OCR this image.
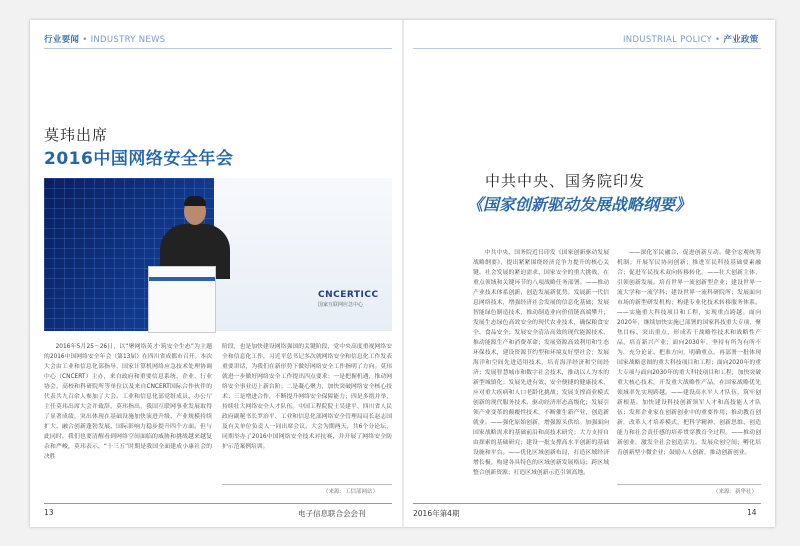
行业要闻 • INDUSTRY NEWS
莫玮出席
2016中国网络安全年会
CNCERTICC
国家互联网应急中心

2016年5月25－26日，以“聚网络英才·筑安全生态”为主题的2016中国网络安全年会（第13届）在四川省成都市召开。本次大会由工业和信息化部指导，国家计算机网络应急技术处理协调中心（CNCERT）主办，来自政府和重要信息系统、企业、行业协会、高校和科研院所等单位以及来自CNCERT国际合作伙伴的代表共九百余人参加了大会。工业和信息化部党组成员、办公厅主任莫玮出席大会并致辞。莫玮指出，我国互联网事业发展取得了显著成绩，突出体现在基础设施加快演进升级、产业规模持续扩大、融合创新蓬勃发展、国际影响力稳步提升四个方面。但与此同时，我们也要清醒看到网络空间面临的威胁和挑战越来越复杂和严峻，莫玮表示，“十三五”时期是我国全面建成小康社会的决胜

阶段，也是加快建设网络强国的关键阶段，党中央高度重视网络安全和信息化工作，习近平总书记多次就网络安全和信息化工作发表重要讲话，为我们在新形势下做好网络安全工作指明了方向。莫玮就进一步做好网络安全工作提出四点要求：一是把握机遇，推动网络安全事业迈上新台阶；二是凝心聚力，加快突破网络安全核心技术；三是增进合作，不断提升网络安全保障能力；四是多措并举，持续壮大网络安全人才队伍。中国工程院院士吴建平、四川省人民政府副秘书长罗治平、工业和信息化部网络安全管理局局长赵志国及有关单位负责人一同出席会议。大会为期两天，共6个分论坛，同期举办了2016中国网络安全技术对抗赛，并开展了网络安全防护示范案例培训。

（来源：工信部网站）
13	电子信息联合会会刊
INDUSTRIAL POLICY • 产业政策
中共中央、国务院印发
《国家创新驱动发展战略纲要》

中共中央、国务院近日印发《国家创新驱动发展战略纲要》，提出紧紧围绕经济竞争力提升的核心关键、社会发展的紧迫需求、国家安全的重大挑战，在重点领域和关键环节的八项战略任务部署。——推动产业技术体系创新，创造发展新优势。发展新一代信息网络技术，增强经济社会发展的信息化基础；发展智能绿色制造技术，推动制造业向价值链高端攀升；发展生态绿色高效安全的现代农业技术，确保粮食安全、食品安全；发展安全清洁高效的现代能源技术，推动能源生产和消费革命；发展资源高效利用和生态环保技术，建设资源节约型和环境友好型社会；发展海洋和空间先进适用技术，培育海洋经济和空间经济；发展智慧城市和数字社会技术，推动以人为本的新型城镇化；发展先进有效、安全便捷的健康技术，应对重大疾病和人口老龄化挑战；发展支撑商业模式创新的现代服务技术，驱动经济形态高级化；发展引领产业变革的颠覆性技术，不断催生新产业、创造新就业。——强化原始创新，增强源头供给。加强面向国家战略需求的基础前沿和高技术研究；大力支持自由探索的基础研究；建设一批支撑高水平创新的基础设施和平台。——优化区域创新布局，打造区域经济增长极。构建各具特色的区域创新发展格局；跨区域整合创新资源；打造区域创新示范引领高地。

——深化军民融合，促进创新互动。健全宏观统筹机制；开展军民协同创新；推进军民科技基础要素融合；促进军民技术双向转移转化。——壮大创新主体，引领创新发展。培育世界一流创新型企业；建设世界一流大学和一流学科；建设世界一流科研院所；发展面向市场的新型研发机构；构建专业化技术转移服务体系。——实施重大科技项目和工程，实现重点跨越。面向2020年，继续加快实施已部署的国家科技重大专项，聚焦目标、突出重点，形成若干战略性技术和战略性产品，培育新兴产业；面向2030年，坚持有所为有所不为，充分论证、把准方向，明确重点，再部署一批体现国家战略意图的重大科技项目和工程；面向2020年的重大专项与面向2030年的重大科技项目和工程，加快突破重大核心技术，开发重大战略性产品，在国家战略优先领域率先实现跨越。——建设高水平人才队伍，筑牢创新根基。加快建设科技创新领军人才和高技能人才队伍；发挥企业家在创新创业中的重要作用；推动教育创新，改革人才培养模式，把科学精神、创新思维、创造能力和社会责任感的培养贯穿教育全过程。——推动创新创业，激发全社会创造活力。发展众创空间；孵化培育创新型小微企业；鼓励人人创新，推动创新创业。

（来源：新华社）
2016年第4期	14
